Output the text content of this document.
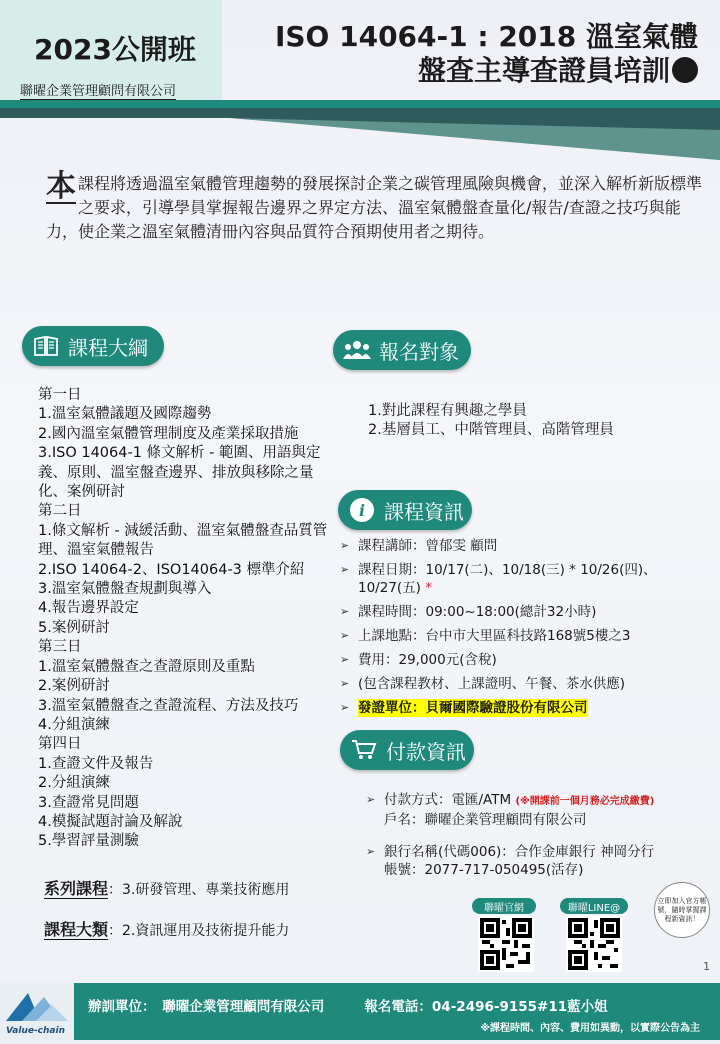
2023公開班
聯曜企業管理顧問有限公司
ISO 14064-1 : 2018 溫室氣體
盤查主導查證員培訓
本 課程將透過溫室氣體管理趨勢的發展探討企業之碳管理風險與機會，並深入解析新版標準之要求，引導學員掌握報告邊界之界定方法、溫室氣體盤查量化/報告/查證之技巧與能力，使企業之溫室氣體清冊內容與品質符合預期使用者之期待。
課程大綱	報名對象
i 課程資訊
付款資訊
第一日
1.溫室氣體議題及國際趨勢
2.國內溫室氣體管理制度及產業採取措施
3.ISO 14064-1 條文解析 - 範圍、用語與定義、原則、溫室盤查邊界、排放與移除之量化、案例研討
第二日
1.條文解析 - 減緩活動、溫室氣體盤查品質管理、溫室氣體報告
2.ISO 14064-2、ISO14064-3 標準介紹
3.溫室氣體盤查規劃與導入
4.報告邊界設定
5.案例研討
第三日
1.溫室氣體盤查之查證原則及重點
2.案例研討
3.溫室氣體盤查之查證流程、方法及技巧
4.分組演練
第四日
1.查證文件及報告
2.分組演練
3.查證常見問題
4.模擬試題討論及解說
5.學習評量測驗
1.對此課程有興趣之學員
2.基層員工、中階管理員、高階管理員
➢ 課程講師：曾郁雯 顧問
➢ 課程日期：10/17(二)、10/18(三) * 10/26(四)、10/27(五) *
➢ 課程時間：09:00~18:00(總計32小時)
➢ 上課地點：台中市大里區科技路168號5樓之3
➢ 費用：29,000元(含稅)
➢ (包含課程教材、上課證明、午餐、茶水供應)
➢ 發證單位：貝爾國際驗證股份有限公司
➢ 付款方式：電匯/ATM (※開課前一個月務必完成繳費)
戶名：聯曜企業管理顧問有限公司
➢ 銀行名稱(代碼006)：合作金庫銀行 神岡分行
帳號：2077-717-050495(活存)
系列課程：3.研發管理、專業技術應用
課程大類：2.資訊運用及技術提升能力
聯曜官網	聯曜LINE@
立即加入官方帳號，隨時掌握課程新資訊！
1
辦訓單位： 聯曜企業管理顧問有限公司	報名電話：04-2496-9155#11藍小姐
※課程時間、內容、費用如異動，以實際公告為主
Value-chain
